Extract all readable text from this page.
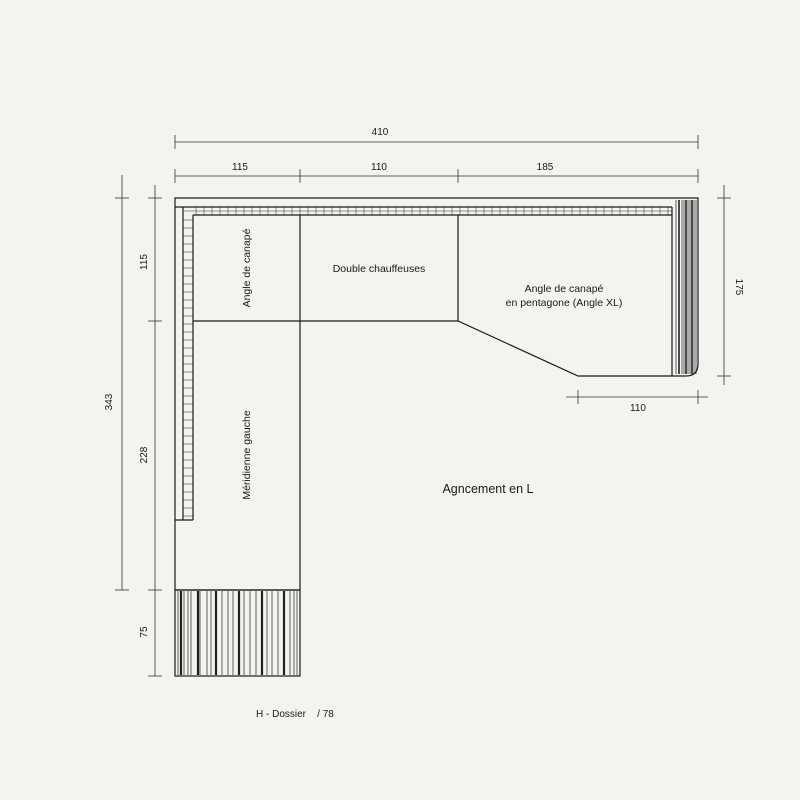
410
115	110	185
343
115
228
75
175
110
Angle de canapé	Double chauffeuses
Angle de canapé
en pentagone (Angle XL)
Méridienne gauche	Agncement en L
H - Dossier / 78
